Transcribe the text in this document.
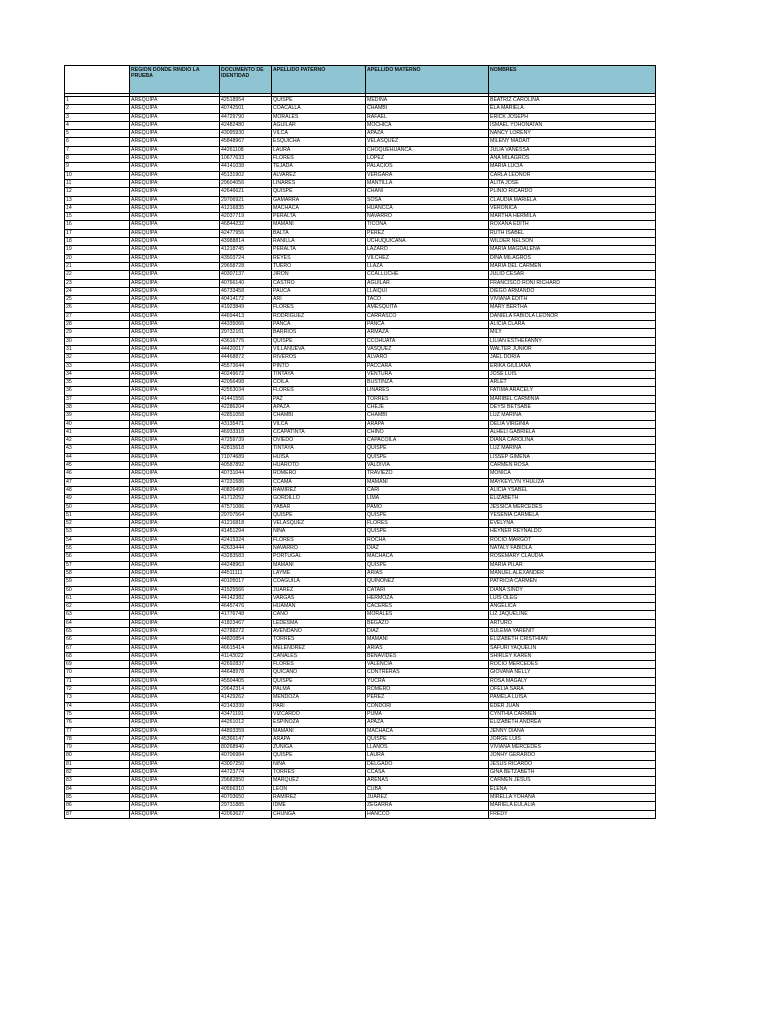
	REGION DONDE RINDIO LA PRUEBA	DOCUMENTO DE IDENTIDAD	APELLIDO PATERNO	APELLIDO MATERNO	NOMBRES

1	AREQUIPA	42518954	QUISPE	MEDINA	BEATRIZ CAROLINA
2	AREQUIPA	40742501	COACALLA	CHAMBI	ELA MARIELA
3	AREQUIPA	44729790	MORALES	RAFAEL	ERICK JOSEPH
4	AREQUIPA	42482480	AGUILAR	MOCHICA	ISMAEL YOHONATAN
5	AREQUIPA	43095930	VILCA	APAZA	NANCY LORENY
6	AREQUIPA	45848967	ESQUICHA	VELASQUEZ	MILENY MADAIT
7	AREQUIPA	44261108	LAURA	CHOQUEHUANCA	JULIA VANESSA
8	AREQUIPA	10677633	FLORES	LOPEZ	ANA MILAGROS
9	AREQUIPA	44141038	TEJADA	PALACIOS	MARIA LUCIA
10	AREQUIPA	45131902	ALVAREZ	VERGARA	CARLA LEONOR
11	AREQUIPA	29604056	LINARES	MANTILLA	ALITA JOSE
12	AREQUIPA	42646621	QUISPE	CHAÑI	PLINIO RICARDO
13	AREQUIPA	29706921	GAMARRA	SOSA	CLAUDIA MARIELA
14	AREQUIPA	41216835	MACHACA	HUANCCA	VERONICA
15	AREQUIPA	42037719	PERALTA	NAVARRO	MARTHA HERMILA
16	AREQUIPA	46844232	MAMANI	TICONA	ROXANA EDITH
17	AREQUIPA	42477956	BALTA	PEREZ	RUTH ISABEL
18	AREQUIPA	43988814	RANILLA	UCHUQUICAÑA	WILDER NELSON
19	AREQUIPA	41218745	PERALTA	LAZARO	MARIA MAGDALENA
20	AREQUIPA	43503724	REYES	VILCHEZ	DINA MILAGROS
21	AREQUIPA	29658728	TUERO	LLAZA	MARIA DEL CARMEN
22	AREQUIPA	40307137	JIRON	CCALLUCHE	JULIO CESAR
23	AREQUIPA	40766140	CASTRO	AGUILAR	FRANCISCO RONI RICHARD
24	AREQUIPA	46733458	PAUCA	LLAIQUI	DIEGO ARMANDO
25	AREQUIPA	40414172	ARI	TACO	VIVIANA EDITH
26	AREQUIPA	41923849	FLORES	AMESQUITA	MARY BERTHA
27	AREQUIPA	44694413	RODRIGUEZ	CARRASCO	DANIELA FABIOLA LEONOR
28	AREQUIPA	44335066	PANCA	PANCA	ALICIA CLARA
29	AREQUIPA	29732161	BARRIOS	ARMAZA	MILY
30	AREQUIPA	43616776	QUISPE	CCOHUATA	LILIAN ESTHEFANNY
31	AREQUIPA	44420017	VILLANUEVA	VASQUEZ	WALTER JUNIOR
32	AREQUIPA	44468872	RIVEROS	ALVARO	JAEL DORIA
33	AREQUIPA	45573644	PINTO	PACCARA	ERIKA GIULIANA
34	AREQUIPA	40249672	TINTAYA	VENTURA	JOSE LUIS
35	AREQUIPA	42056498	COILA	BUSTINZA	ARLET
36	AREQUIPA	42553034	FLORES	LINARES	FATIMA ARACELY
37	AREQUIPA	41441556	PAZ	TORRES	MARIBEL CARMINIA
38	AREQUIPA	42286204	APAZA	CHEJE	DEYSI BETSABE
39	AREQUIPA	42851058	CHAMBI	CHAMBI	LUZ MARINA
40	AREQUIPA	43135471	VILCA	ARAPA	DELIA VIRGINIA
41	AREQUIPA	46933318	CCAPATINTA	CHINO	ALHELI GABRIELA
42	AREQUIPA	47259739	OVIEDO	CAPACOILA	DIANA CAROLINA
43	AREQUIPA	42815618	TINTAYA	QUISPE	LUZ MARINA
44	AREQUIPA	71074689	HUISA	QUISPE	LISSEP GIMENA
45	AREQUIPA	40587892	HUAROTO	VALDIVIA	CARMEN ROSA
46	AREQUIPA	40731044	ROMERO	TRAVIEZO	MONICA
47	AREQUIPA	47231586	CCAMA	MAMANI	MAYKEYLYN YHULIZA
48	AREQUIPA	40826499	RAMIREZ	CARI	ALICIA YSABEL
49	AREQUIPA	41712052	GORDILLO	LIMA	ELIZABETH
50	AREQUIPA	47571086	YABAR	PAMO	JESSICA MERCEDES
51	AREQUIPA	29707564	QUISPE	QUISPE	YESENIA CARMELA
52	AREQUIPA	41216818	VELASQUEZ	FLORES	EVELYNA
53	AREQUIPA	41451294	NINA	QUISPE	HEYNER REYNALDO
54	AREQUIPA	42415324	FLORES	ROCHA	ROCIO MARGOT
55	AREQUIPA	42633444	NAVARRO	DIAZ	NATALY FABIOLA
56	AREQUIPA	43283583	PORTUGAL	MACHACA	ROSEMARY CLAUDIA
57	AREQUIPA	44248963	MAMANI	QUISPE	MARIA PILAR
58	AREQUIPA	44511111	LAYME	ARIAS	MANUEL ALEXANDER
59	AREQUIPA	40105017	COAGUILA	QUIÑONEZ	PATRICIA CARMEN
60	AREQUIPA	41525566	JUAREZ	CATARI	DIANA SINDY
61	AREQUIPA	44142382	VARGAS	HERMOZA	LUIS OLEG
62	AREQUIPA	46457476	HUAMAN	CACERES	ANGELICA
63	AREQUIPA	41776748	CANO	MORALES	LIZ JAQUELINE
64	AREQUIPA	41823467	LEDESMA	BEGAZO	ARTURO
65	AREQUIPA	42788272	AVENDAÑO	DIAZ	SULEMA YARENIT
66	AREQUIPA	44820854	TORRES	MAMANI	ELIZABETH CRISTHIAN
67	AREQUIPA	46615414	MELENDREZ	ARIAS	SAFURI YAQUELIN
68	AREQUIPA	41143022	CANALES	BENAVIDES	SHIRLEY KAREN
69	AREQUIPA	42692837	FLORES	VALENCIA	ROCIO MERCEDES
70	AREQUIPA	44648978	QUICAÑO	CONTRERAS	GIOVANA NELLY
71	AREQUIPA	45504405	QUISPE	YUCRA	ROSA MAGALY
72	AREQUIPA	29642314	PALMA	ROMERO	OFELIA SARA
73	AREQUIPA	41429262	MENDOZA	PEREZ	PAMELA LUISA
74	AREQUIPA	42143339	PARI	CONDORI	EDER JUAN
75	AREQUIPA	43471191	VIZCARDO	PUMA	CYNTHIA CARMEN
76	AREQUIPA	44261012	ESPINOZA	APAZA	ELIZABETH ANDREA
77	AREQUIPA	44893359	MAMANI	MACHACA	JENNY DIANA
78	AREQUIPA	45366147	ARAPA	QUISPE	JORGE LUIS
79	AREQUIPA	80268940	ZUÑIGA	LLANOS	VIVIANA MERCEDES
80	AREQUIPA	40706984	QUISPE	LAURA	JONHY GERARDO
81	AREQUIPA	43007250	NINA	DELGADO	JESUS RICARDO
82	AREQUIPA	44723774	TORRES	CCASA	GINA BETZABETH
83	AREQUIPA	29682850	MARQUEZ	ARENAS	CARMEN JESUS
84	AREQUIPA	40566310	LEON	CUBA	ELENA
85	AREQUIPA	40703650	RAMIREZ	JUAREZ	MIRELLA YOHANA
86	AREQUIPA	29731885	IDME	ZEGARRA	MARIELA EULALIA
87	AREQUIPA	42063627	CHUNGA	HANCCO	FREDY
